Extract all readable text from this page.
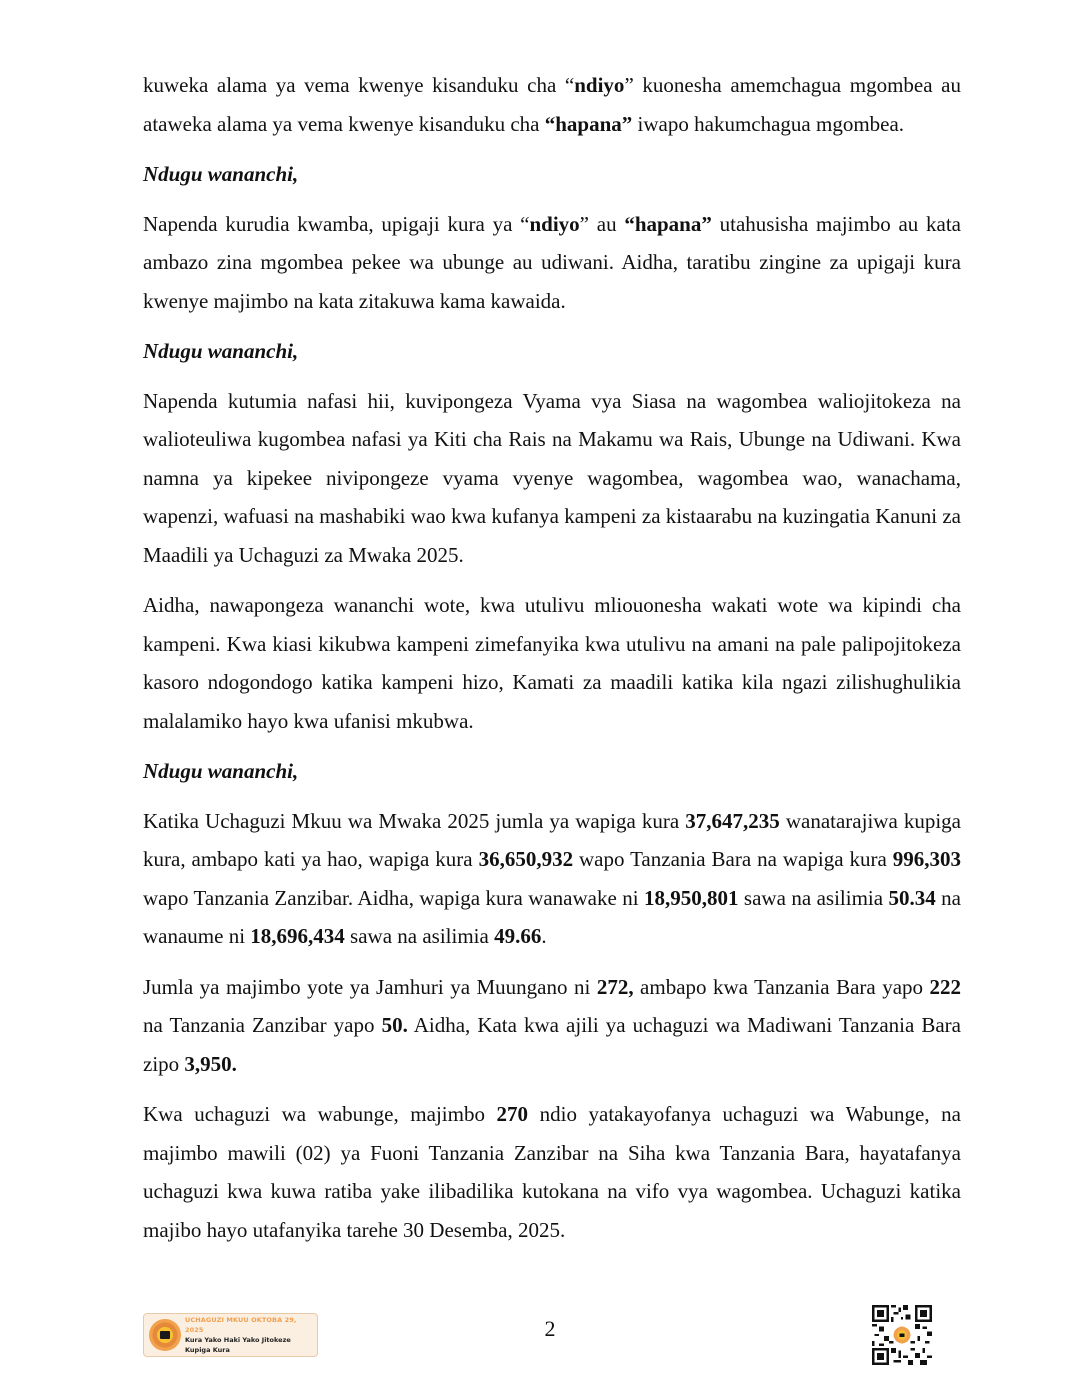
kuweka alama ya vema kwenye kisanduku cha “ndiyo” kuonesha amemchagua mgombea au ataweka alama ya vema kwenye kisanduku cha “hapana” iwapo hakumchagua mgombea.

Ndugu wananchi,

Napenda kurudia kwamba, upigaji kura ya “ndiyo” au “hapana” utahusisha majimbo au kata ambazo zina mgombea pekee wa ubunge au udiwani. Aidha, taratibu zingine za upigaji kura kwenye majimbo na kata zitakuwa kama kawaida.

Ndugu wananchi,

Napenda kutumia nafasi hii, kuvipongeza Vyama vya Siasa na wagombea waliojitokeza na walioteuliwa kugombea nafasi ya Kiti cha Rais na Makamu wa Rais, Ubunge na Udiwani. Kwa namna ya kipekee nivipongeze vyama vyenye wagombea, wagombea wao, wanachama, wapenzi, wafuasi na mashabiki wao kwa kufanya kampeni za kistaarabu na kuzingatia Kanuni za Maadili ya Uchaguzi za Mwaka 2025.

Aidha, nawapongeza wananchi wote, kwa utulivu mliouonesha wakati wote wa kipindi cha kampeni. Kwa kiasi kikubwa kampeni zimefanyika kwa utulivu na amani na pale palipojitokeza kasoro ndogondogo katika kampeni hizo, Kamati za maadili katika kila ngazi zilishughulikia malalamiko hayo kwa ufanisi mkubwa.

Ndugu wananchi,

Katika Uchaguzi Mkuu wa Mwaka 2025 jumla ya wapiga kura 37,647,235 wanatarajiwa kupiga kura, ambapo kati ya hao, wapiga kura 36,650,932 wapo Tanzania Bara na wapiga kura 996,303 wapo Tanzania Zanzibar. Aidha, wapiga kura wanawake ni 18,950,801 sawa na asilimia 50.34 na wanaume ni 18,696,434 sawa na asilimia 49.66.

Jumla ya majimbo yote ya Jamhuri ya Muungano ni 272, ambapo kwa Tanzania Bara yapo 222 na Tanzania Zanzibar yapo 50. Aidha, Kata kwa ajili ya uchaguzi wa Madiwani Tanzania Bara zipo 3,950.

Kwa uchaguzi wa wabunge, majimbo 270 ndio yatakayofanya uchaguzi wa Wabunge, na majimbo mawili (02) ya Fuoni Tanzania Zanzibar na Siha kwa Tanzania Bara, hayatafanya uchaguzi kwa kuwa ratiba yake ilibadilika kutokana na vifo vya wagombea. Uchaguzi katika majibo hayo utafanyika tarehe 30 Desemba, 2025.

UCHAGUZI MKUU OKTOBA 29, 2025
Kura Yako Haki Yako Jitokeze
Kupiga Kura
2
